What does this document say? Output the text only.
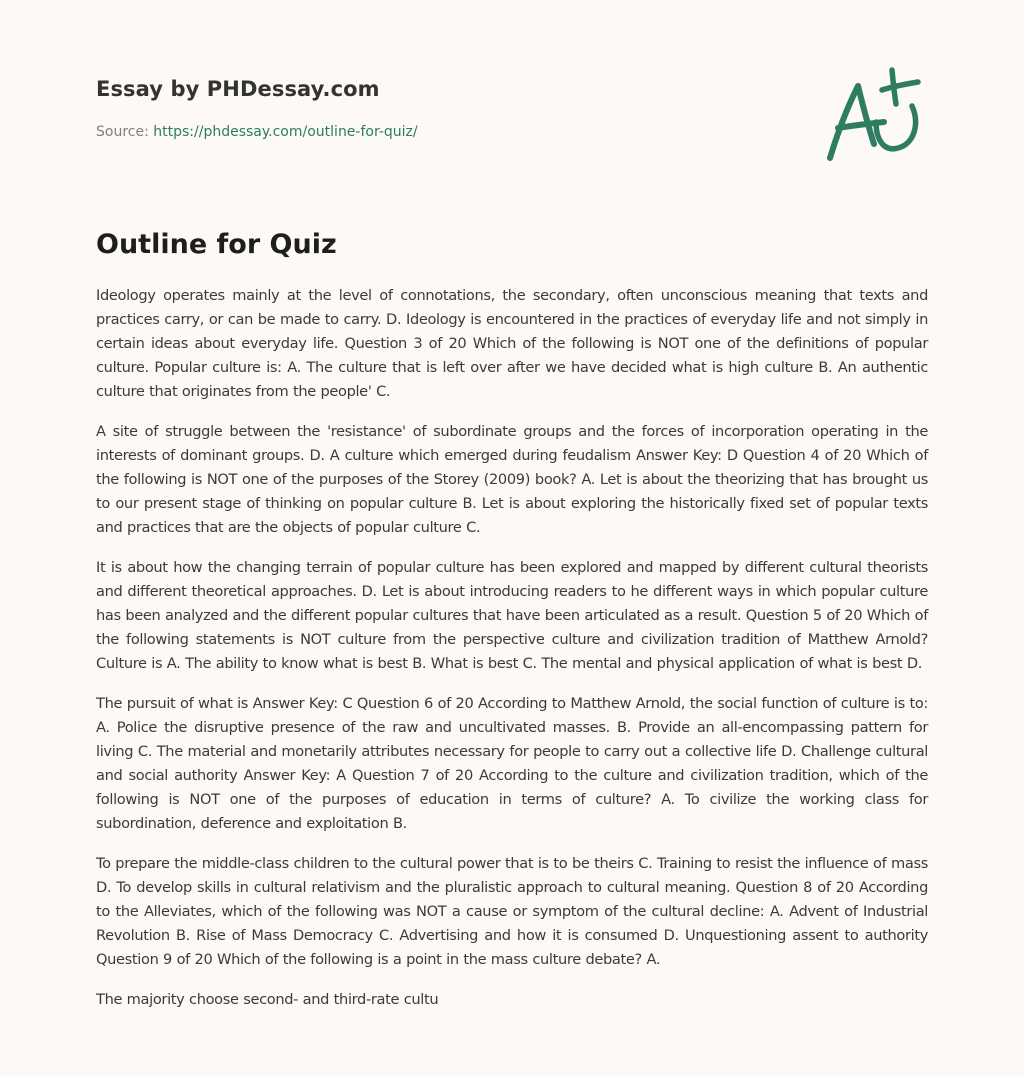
Essay by PHDessay.com
Source: https://phdessay.com/outline-for-quiz/
Outline for Quiz

Ideology operates mainly at the level of connotations, the secondary, often unconscious meaning that texts and practices carry, or can be made to carry. D. Ideology is encountered in the practices of everyday life and not simply in certain ideas about everyday life. Question 3 of 20 Which of the following is NOT one of the definitions of popular culture. Popular culture is: A. The culture that is left over after we have decided what is high culture B. An authentic culture that originates from the people' C.

A site of struggle between the 'resistance' of subordinate groups and the forces of incorporation operating in the interests of dominant groups. D. A culture which emerged during feudalism Answer Key: D Question 4 of 20 Which of the following is NOT one of the purposes of the Storey (2009) book? A. Let is about the theorizing that has brought us to our present stage of thinking on popular culture B. Let is about exploring the historically fixed set of popular texts and practices that are the objects of popular culture C.

It is about how the changing terrain of popular culture has been explored and mapped by different cultural theorists and different theoretical approaches. D. Let is about introducing readers to he different ways in which popular culture has been analyzed and the different popular cultures that have been articulated as a result. Question 5 of 20 Which of the following statements is NOT culture from the perspective culture and civilization tradition of Matthew Arnold? Culture is A. The ability to know what is best B. What is best C. The mental and physical application of what is best D.

The pursuit of what is Answer Key: C Question 6 of 20 According to Matthew Arnold, the social function of culture is to: A. Police the disruptive presence of the raw and uncultivated masses. B. Provide an all-encompassing pattern for living C. The material and monetarily attributes necessary for people to carry out a collective life D. Challenge cultural and social authority Answer Key: A Question 7 of 20 According to the culture and civilization tradition, which of the following is NOT one of the purposes of education in terms of culture? A. To civilize the working class for subordination, deference and exploitation B.

To prepare the middle-class children to the cultural power that is to be theirs C. Training to resist the influence of mass D. To develop skills in cultural relativism and the pluralistic approach to cultural meaning. Question 8 of 20 According to the Alleviates, which of the following was NOT a cause or symptom of the cultural decline: A. Advent of Industrial Revolution B. Rise of Mass Democracy C. Advertising and how it is consumed D. Unquestioning assent to authority Question 9 of 20 Which of the following is a point in the mass culture debate? A.

The majority choose second- and third-rate cultu
